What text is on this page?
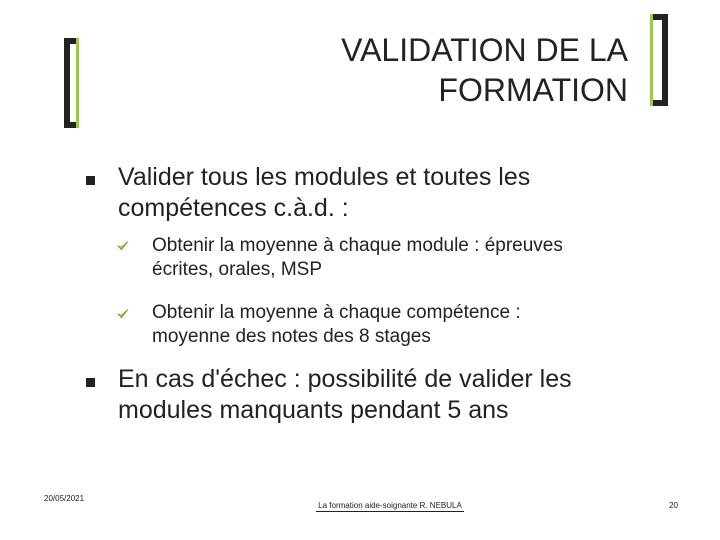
VALIDATION DE LA
FORMATION
Valider tous les modules et toutes les
compétences c.à.d. :
Obtenir la moyenne à chaque module : épreuves
écrites, orales, MSP
Obtenir la moyenne à chaque compétence :
moyenne des notes des 8 stages
En cas d'échec : possibilité de valider les
modules manquants pendant 5 ans
20/05/2021
La formation aide-soignante R. NEBULA	20
